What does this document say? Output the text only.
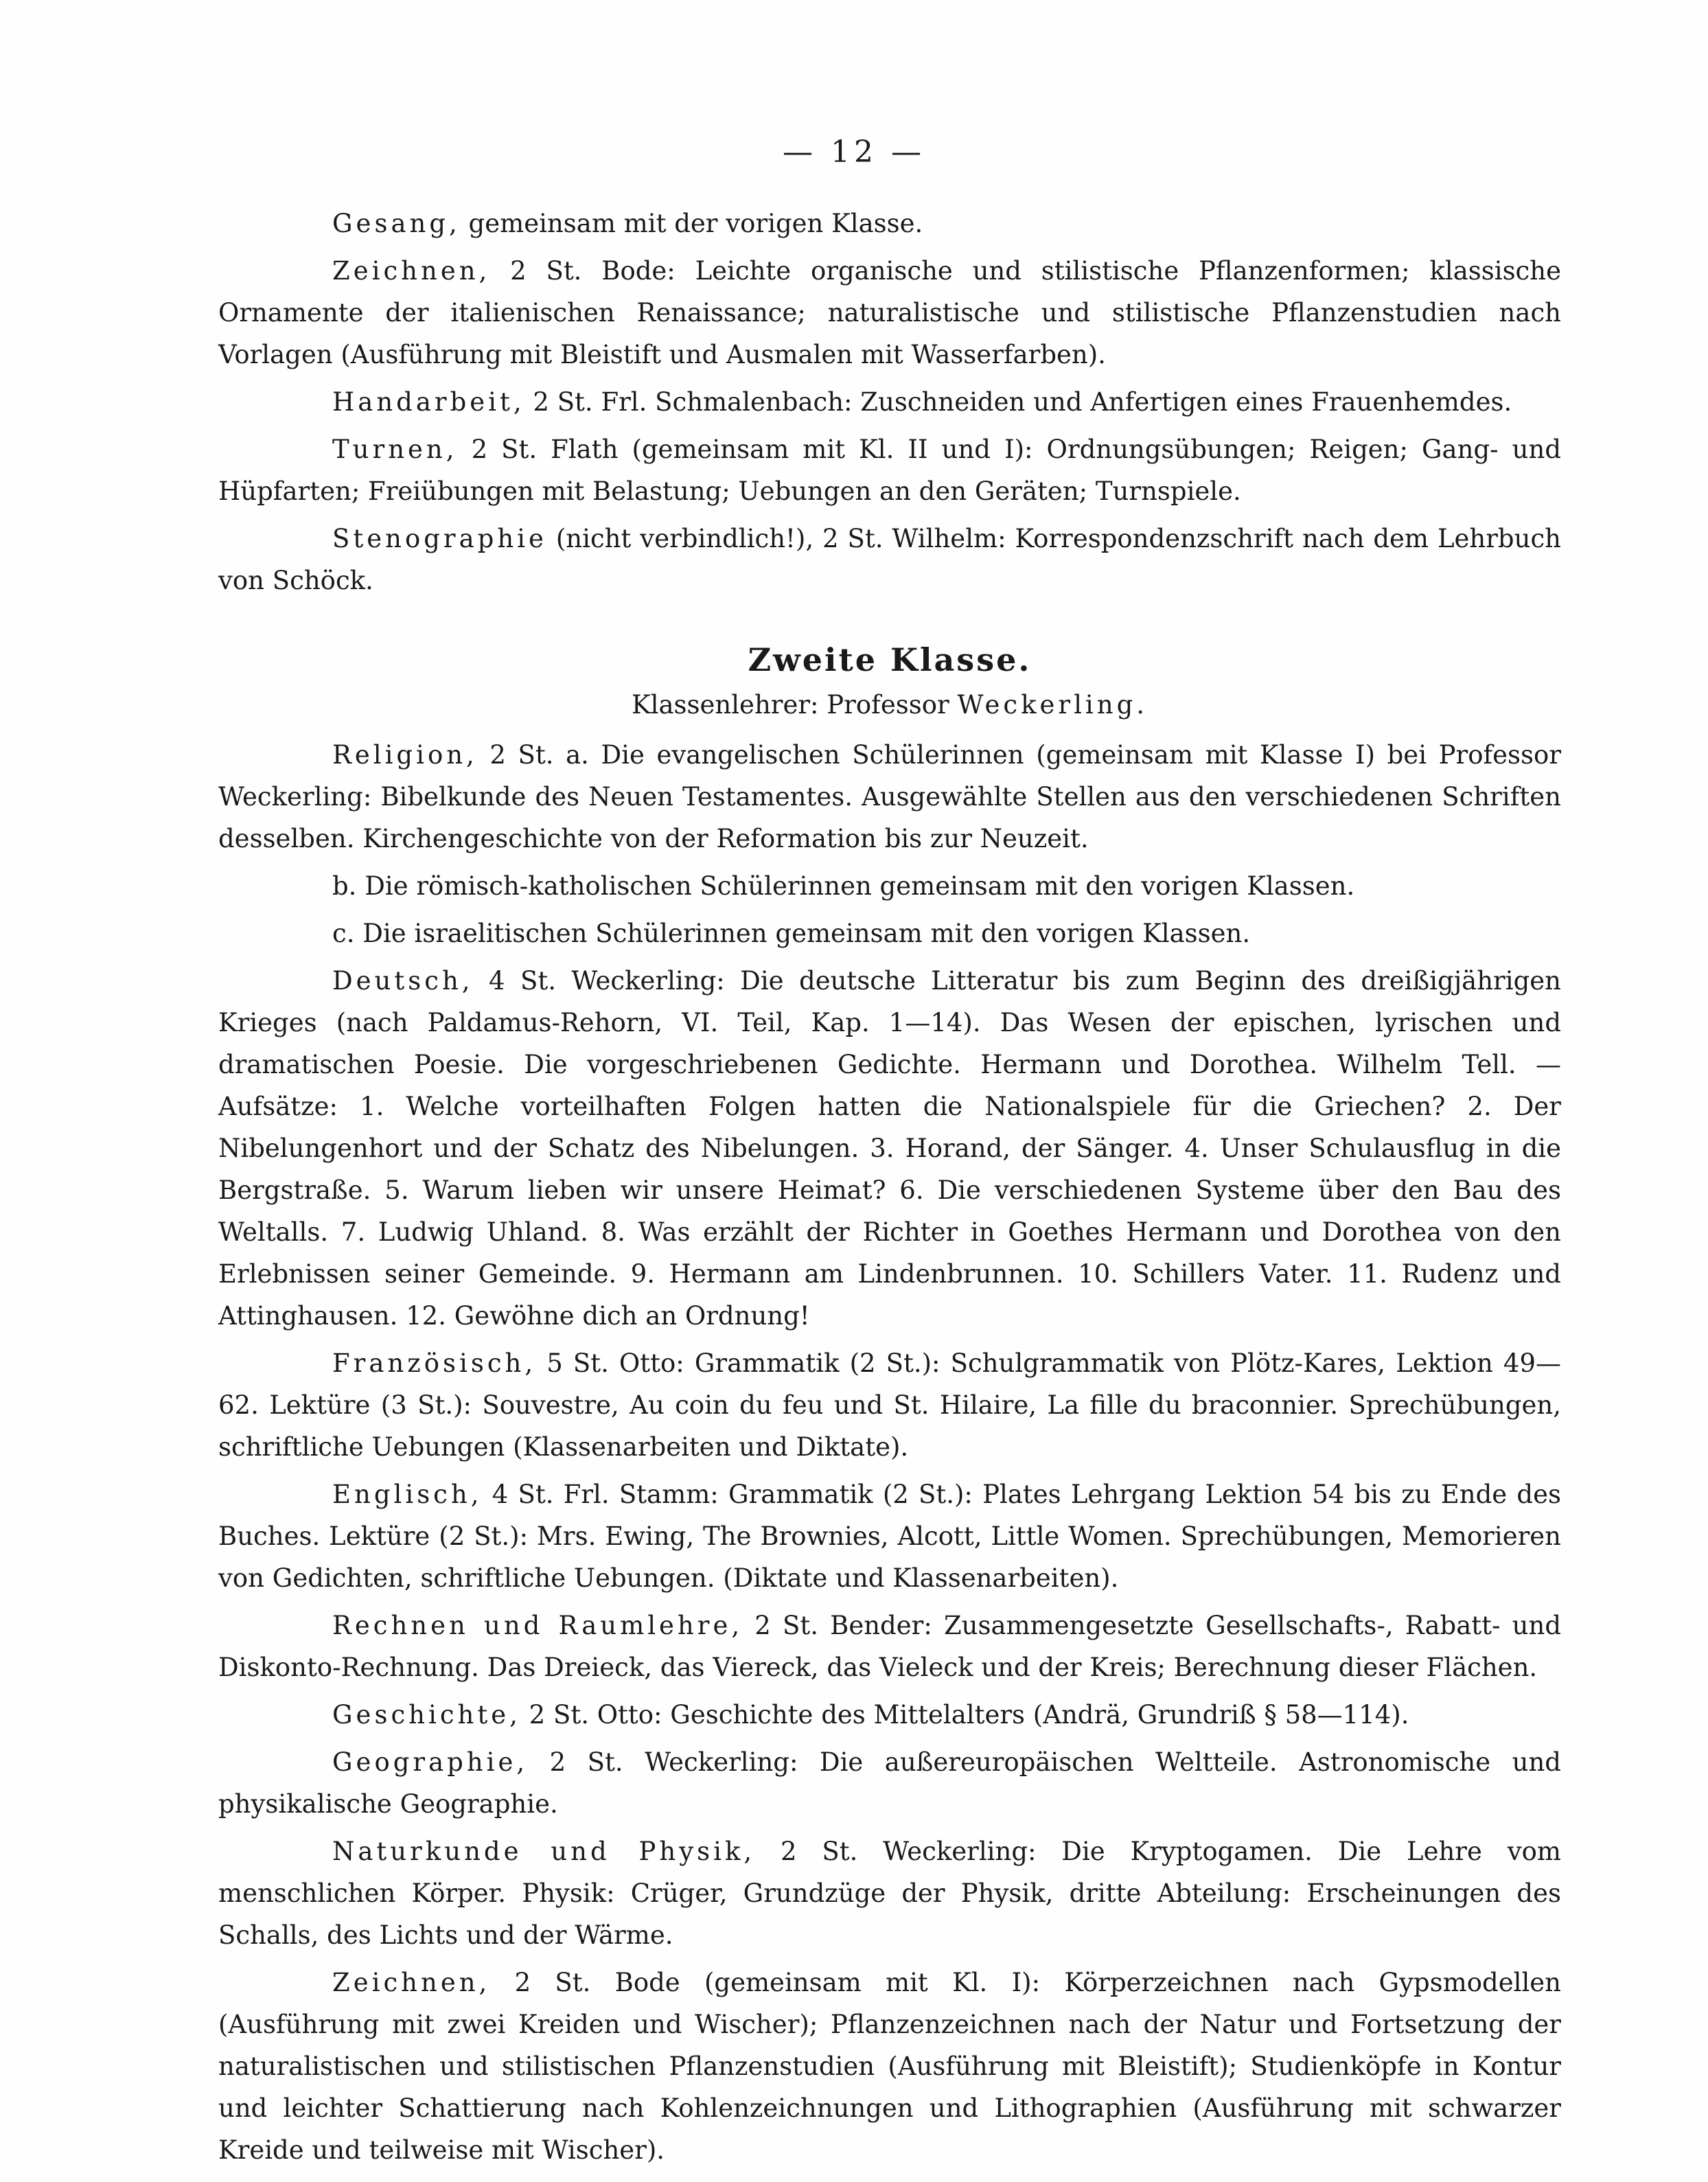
— 12 —
Gesang, gemeinsam mit der vorigen Klasse.
Zeichnen, 2 St. Bode: Leichte organische und stilistische Pflanzenformen; klassische Ornamente der italienischen Renaissance; naturalistische und stilistische Pflanzenstudien nach Vorlagen (Ausführung mit Bleistift und Ausmalen mit Wasserfarben).
Handarbeit, 2 St. Frl. Schmalenbach: Zuschneiden und Anfertigen eines Frauenhemdes.
Turnen, 2 St. Flath (gemeinsam mit Kl. II und I): Ordnungsübungen; Reigen; Gang- und Hüpfarten; Freiübungen mit Belastung; Uebungen an den Geräten; Turnspiele.
Stenographie (nicht verbindlich!), 2 St. Wilhelm: Korrespondenzschrift nach dem Lehrbuch von Schöck.
Zweite Klasse.
Klassenlehrer: Professor Weckerling.
Religion, 2 St. a. Die evangelischen Schülerinnen (gemeinsam mit Klasse I) bei Professor Weckerling: Bibelkunde des Neuen Testamentes. Ausgewählte Stellen aus den verschiedenen Schriften desselben. Kirchengeschichte von der Reformation bis zur Neuzeit.
b. Die römisch-katholischen Schülerinnen gemeinsam mit den vorigen Klassen.
c. Die israelitischen Schülerinnen gemeinsam mit den vorigen Klassen.
Deutsch, 4 St. Weckerling: Die deutsche Litteratur bis zum Beginn des dreißigjährigen Krieges (nach Paldamus-Rehorn, VI. Teil, Kap. 1—14). Das Wesen der epischen, lyrischen und dramatischen Poesie. Die vorgeschriebenen Gedichte. Hermann und Dorothea. Wilhelm Tell. — Aufsätze: 1. Welche vorteilhaften Folgen hatten die Nationalspiele für die Griechen? 2. Der Nibelungenhort und der Schatz des Nibelungen. 3. Horand, der Sänger. 4. Unser Schulausflug in die Bergstraße. 5. Warum lieben wir unsere Heimat? 6. Die verschiedenen Systeme über den Bau des Weltalls. 7. Ludwig Uhland. 8. Was erzählt der Richter in Goethes Hermann und Dorothea von den Erlebnissen seiner Gemeinde. 9. Hermann am Lindenbrunnen. 10. Schillers Vater. 11. Rudenz und Attinghausen. 12. Gewöhne dich an Ordnung!
Französisch, 5 St. Otto: Grammatik (2 St.): Schulgrammatik von Plötz-Kares, Lektion 49—62. Lektüre (3 St.): Souvestre, Au coin du feu und St. Hilaire, La fille du braconnier. Sprechübungen, schriftliche Uebungen (Klassenarbeiten und Diktate).
Englisch, 4 St. Frl. Stamm: Grammatik (2 St.): Plates Lehrgang Lektion 54 bis zu Ende des Buches. Lektüre (2 St.): Mrs. Ewing, The Brownies, Alcott, Little Women. Sprechübungen, Memorieren von Gedichten, schriftliche Uebungen. (Diktate und Klassenarbeiten).
Rechnen und Raumlehre, 2 St. Bender: Zusammengesetzte Gesellschafts-, Rabatt- und Diskonto-Rechnung. Das Dreieck, das Viereck, das Vieleck und der Kreis; Berechnung dieser Flächen.
Geschichte, 2 St. Otto: Geschichte des Mittelalters (Andrä, Grundriß § 58—114).
Geographie, 2 St. Weckerling: Die außereuropäischen Weltteile. Astronomische und physikalische Geographie.
Naturkunde und Physik, 2 St. Weckerling: Die Kryptogamen. Die Lehre vom menschlichen Körper. Physik: Crüger, Grundzüge der Physik, dritte Abteilung: Erscheinungen des Schalls, des Lichts und der Wärme.
Zeichnen, 2 St. Bode (gemeinsam mit Kl. I): Körperzeichnen nach Gypsmodellen (Ausführung mit zwei Kreiden und Wischer); Pflanzenzeichnen nach der Natur und Fortsetzung der naturalistischen und stilistischen Pflanzenstudien (Ausführung mit Bleistift); Studienköpfe in Kontur und leichter Schattierung nach Kohlenzeichnungen und Lithographien (Ausführung mit schwarzer Kreide und teilweise mit Wischer).
